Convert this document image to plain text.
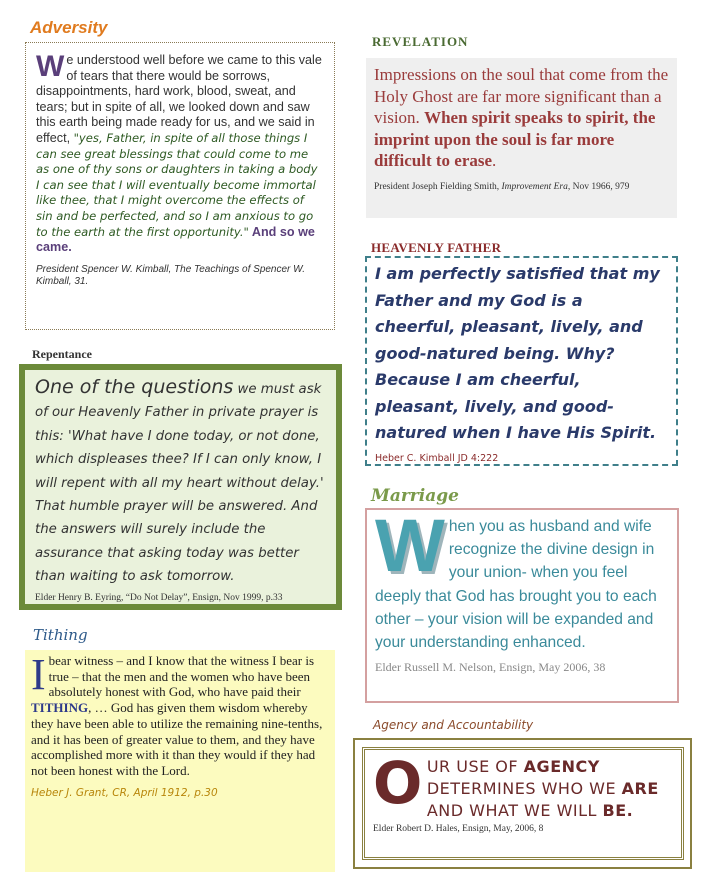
Adversity
We understood well before we came to this vale of tears that there would be sorrows, disappointments, hard work, blood, sweat, and tears; but in spite of all, we looked down and saw this earth being made ready for us, and we said in effect, "yes, Father, in spite of all those things I can see great blessings that could come to me as one of thy sons or daughters in taking a body I can see that I will eventually become immortal like thee, that I might overcome the effects of sin and be perfected, and so I am anxious to go to the earth at the first opportunity." And so we came.
President Spencer W. Kimball, The Teachings of Spencer W. Kimball, 31.
REVELATION
Impressions on the soul that come from the Holy Ghost are far more significant than a vision. When spirit speaks to spirit, the imprint upon the soul is far more difficult to erase.
President Joseph Fielding Smith, Improvement Era, Nov 1966, 979
Repentance
One of the questions we must ask of our Heavenly Father in private prayer is this: 'What have I done today, or not done, which displeases thee? If I can only know, I will repent with all my heart without delay.' That humble prayer will be answered. And the answers will surely include the assurance that asking today was better than waiting to ask tomorrow.
Elder Henry B. Eyring, “Do Not Delay”, Ensign, Nov 1999, p.33
HEAVENLY FATHER
I am perfectly satisfied that my Father and my God is a cheerful, pleasant, lively, and good-natured being. Why? Because I am cheerful, pleasant, lively, and good-natured when I have His Spirit.
Heber C. Kimball JD 4:222
Marriage
When you as husband and wife recognize the divine design in your union- when you feel deeply that God has brought you to each other – your vision will be expanded and your understanding enhanced.
Elder Russell M. Nelson, Ensign, May 2006, 38
Tithing
I bear witness – and I know that the witness I bear is true – that the men and the women who have been absolutely honest with God, who have paid their TITHING, … God has given them wisdom whereby they have been able to utilize the remaining nine-tenths, and it has been of greater value to them, and they have accomplished more with it than they would if they had not been honest with the Lord.
Heber J. Grant, CR, April 1912, p.30
Agency and Accountability
OUR USE OF AGENCY DETERMINES WHO WE ARE AND WHAT WE WILL BE.
Elder Robert D. Hales, Ensign, May, 2006, 8
